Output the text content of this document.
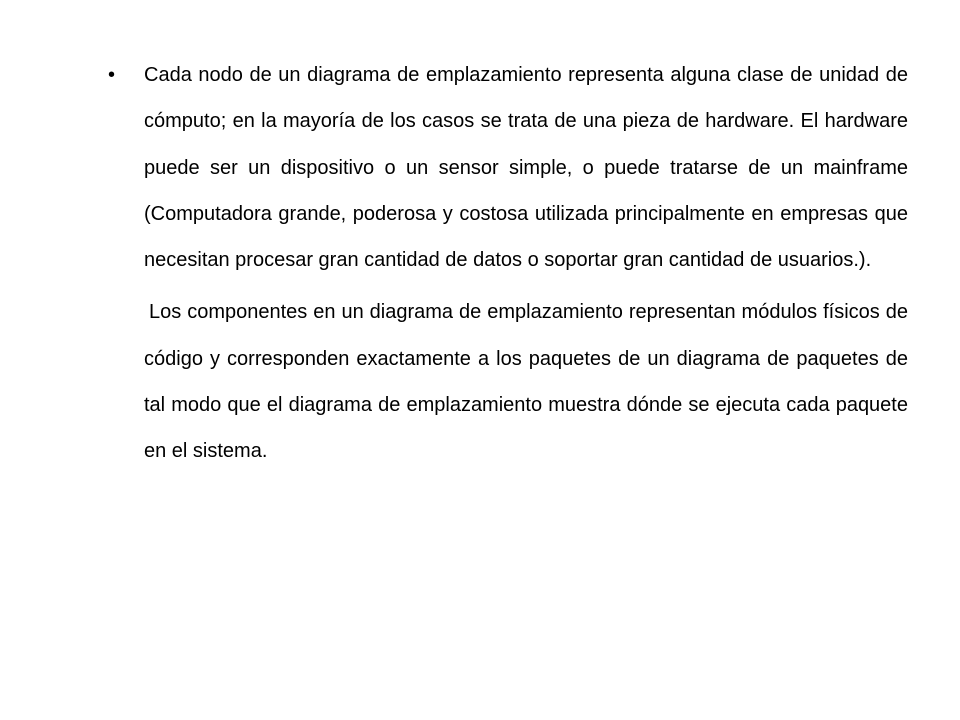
• Cada nodo de un diagrama de emplazamiento representa alguna clase de unidad de cómputo; en la mayoría de los casos se trata de una pieza de hardware. El hardware puede ser un dispositivo o un sensor simple, o puede tratarse de un mainframe (Computadora grande, poderosa y costosa utilizada principalmente en empresas que necesitan procesar gran cantidad de datos o soportar gran cantidad de usuarios.).

Los componentes en un diagrama de emplazamiento representan módulos físicos de código y corresponden exactamente a los paquetes de un diagrama de paquetes de tal modo que el diagrama de emplazamiento muestra dónde se ejecuta cada paquete en el sistema.
